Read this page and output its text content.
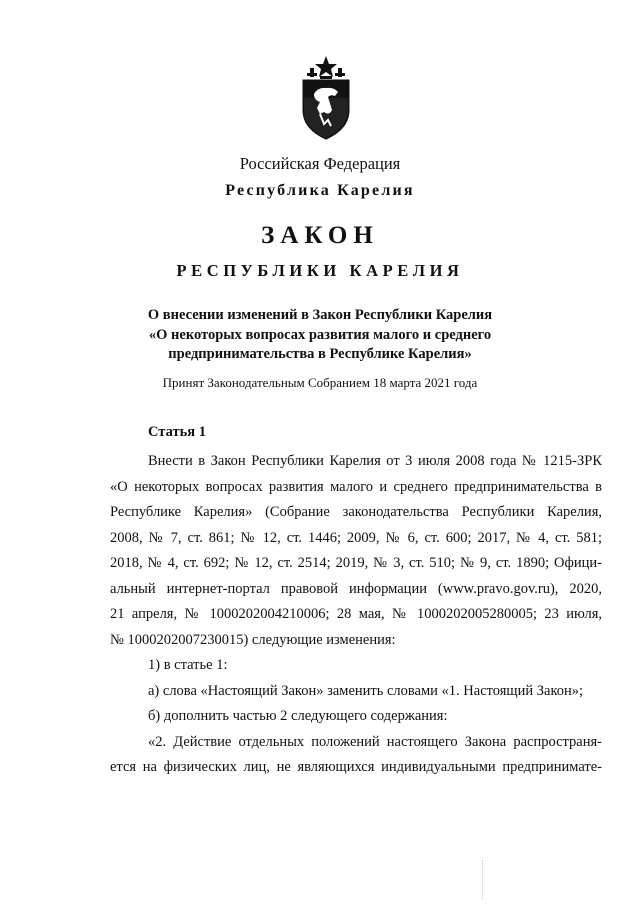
Российская Федерация
Республика Карелия
ЗАКОН
РЕСПУБЛИКИ КАРЕЛИЯ
О внесении изменений в Закон Республики Карелия
«О некоторых вопросах развития малого и среднего
предпринимательства в Республике Карелия»
Принят Законодательным Собранием 18 марта 2021 года
Статья 1
Внести в Закон Республики Карелия от 3 июля 2008 года № 1215-ЗРК
«О некоторых вопросах развития малого и среднего предпринимательства в
Республике Карелия» (Собрание законодательства Республики Карелия,
2008, № 7, ст. 861; № 12, ст. 1446; 2009, № 6, ст. 600; 2017, № 4, ст. 581;
2018, № 4, ст. 692; № 12, ст. 2514; 2019, № 3, ст. 510; № 9, ст. 1890; Офици-
альный интернет-портал правовой информации (www.pravo.gov.ru), 2020,
21 апреля, № 1000202004210006; 28 мая, № 1000202005280005; 23 июля,
№ 1000202007230015) следующие изменения:
1) в статье 1:
а) слова «Настоящий Закон» заменить словами «1. Настоящий Закон»;
б) дополнить частью 2 следующего содержания:
«2. Действие отдельных положений настоящего Закона распространя-
ется на физических лиц, не являющихся индивидуальными предпринимате-
